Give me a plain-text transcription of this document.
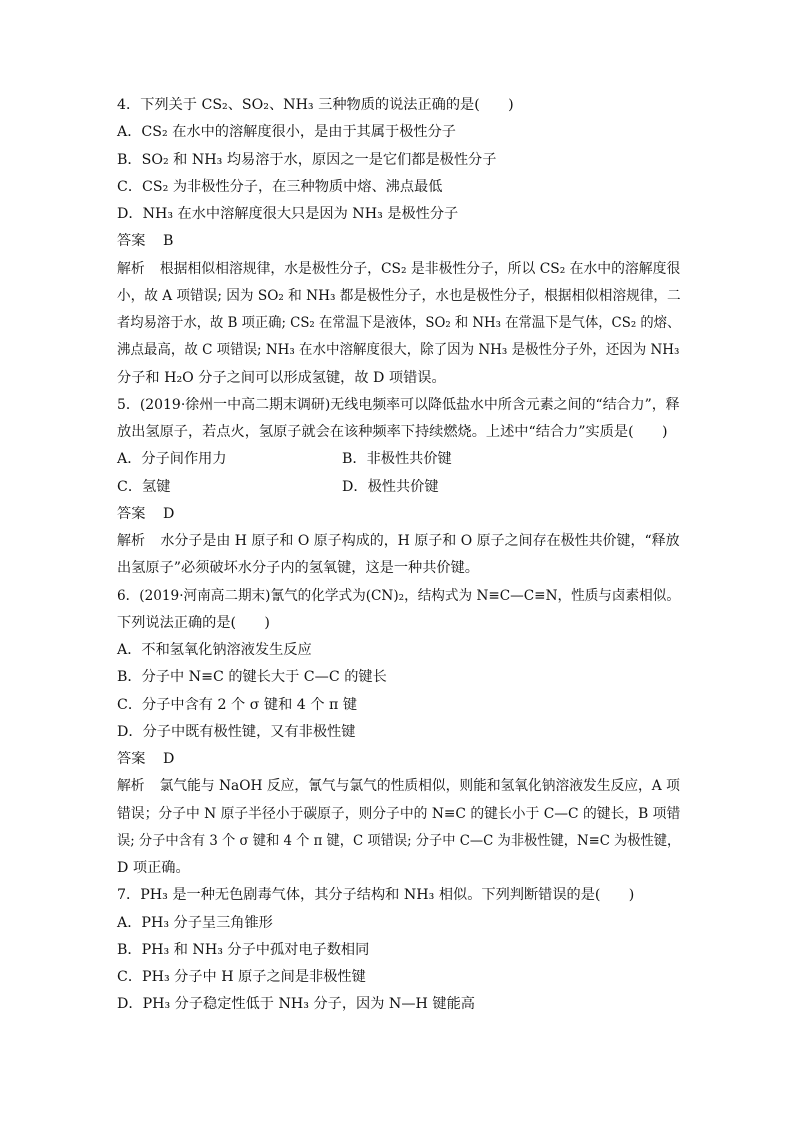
4．下列关于 CS₂、SO₂、NH₃ 三种物质的说法正确的是(　　)
A．CS₂ 在水中的溶解度很小，是由于其属于极性分子
B．SO₂ 和 NH₃ 均易溶于水，原因之一是它们都是极性分子
C．CS₂ 为非极性分子，在三种物质中熔、沸点最低
D．NH₃ 在水中溶解度很大只是因为 NH₃ 是极性分子
答案 B
解析 根据相似相溶规律，水是极性分子，CS₂ 是非极性分子，所以 CS₂ 在水中的溶解度很
小，故 A 项错误; 因为 SO₂ 和 NH₃ 都是极性分子，水也是极性分子，根据相似相溶规律，二
者均易溶于水，故 B 项正确; CS₂ 在常温下是液体，SO₂ 和 NH₃ 在常温下是气体，CS₂ 的熔、
沸点最高，故 C 项错误; NH₃ 在水中溶解度很大，除了因为 NH₃ 是极性分子外，还因为 NH₃
分子和 H₂O 分子之间可以形成氢键，故 D 项错误。
5．(2019·徐州一中高二期末调研)无线电频率可以降低盐水中所含元素之间的“结合力”，释
放出氢原子，若点火，氢原子就会在该种频率下持续燃烧。上述中“结合力”实质是(　　)
A．分子间作用力	B．非极性共价键
C．氢键	D．极性共价键
答案 D
解析 水分子是由 H 原子和 O 原子构成的，H 原子和 O 原子之间存在极性共价键，“释放
出氢原子”必须破坏水分子内的氢氧键，这是一种共价键。
6．(2019·河南高二期末)氰气的化学式为(CN)₂，结构式为 N≡C—C≡N，性质与卤素相似。
下列说法正确的是(　　)
A．不和氢氧化钠溶液发生反应
B．分子中 N≡C 的键长大于 C—C 的键长
C．分子中含有 2 个 σ 键和 4 个 π 键
D．分子中既有极性键，又有非极性键
答案 D
解析 氯气能与 NaOH 反应，氰气与氯气的性质相似，则能和氢氧化钠溶液发生反应，A 项
错误；分子中 N 原子半径小于碳原子，则分子中的 N≡C 的键长小于 C—C 的键长，B 项错
误; 分子中含有 3 个 σ 键和 4 个 π 键，C 项错误; 分子中 C—C 为非极性键，N≡C 为极性键，
D 项正确。
7．PH₃ 是一种无色剧毒气体，其分子结构和 NH₃ 相似。下列判断错误的是(　　)
A．PH₃ 分子呈三角锥形
B．PH₃ 和 NH₃ 分子中孤对电子数相同
C．PH₃ 分子中 H 原子之间是非极性键
D．PH₃ 分子稳定性低于 NH₃ 分子，因为 N—H 键能高
